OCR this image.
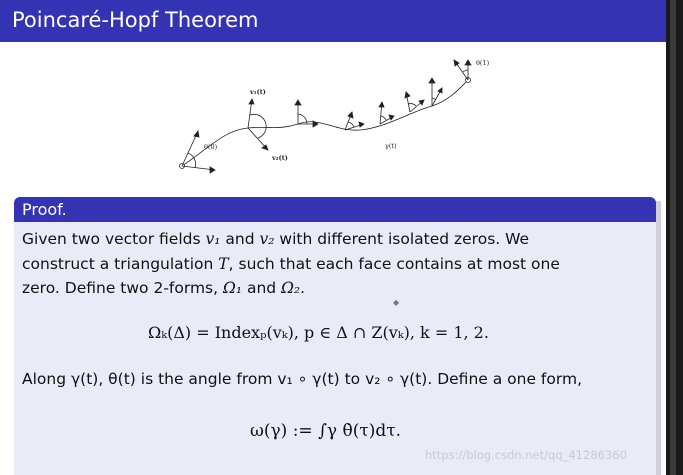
Poincaré-Hopf Theorem
θ(0)
θ(1)
v₁(t)
v₂(t)
γ(t)
Proof.
Given two vector fields v₁ and v₂ with different isolated zeros. We
construct a triangulation T, such that each face contains at most one
zero. Define two 2-forms, Ω₁ and Ω₂.
◆
Ωₖ(Δ) = Indexₚ(vₖ), p ∈ Δ ∩ Z(vₖ), k = 1, 2.
Along γ(t), θ(t) is the angle from v₁ ∘ γ(t) to v₂ ∘ γ(t). Define a one form,
ω(γ) := ∫γ θ̇(τ)dτ.
https://blog.csdn.net/qq_41286360
